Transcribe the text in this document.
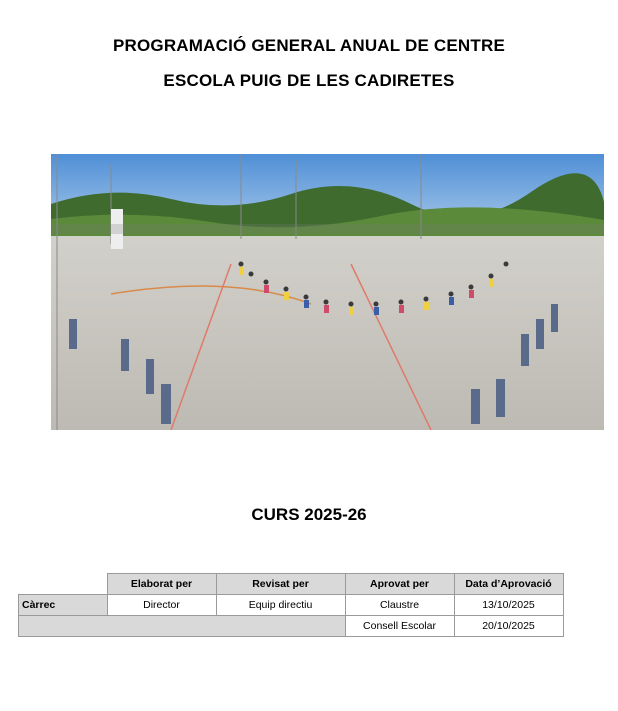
PROGRAMACIÓ GENERAL ANUAL DE CENTRE
ESCOLA PUIG DE LES CADIRETES
CURS 2025-26
	Elaborat per	Revisat per	Aprovat per	Data d’Aprovació
Càrrec	Director	Equip directiu	Claustre	13/10/2025
			Consell Escolar	20/10/2025
